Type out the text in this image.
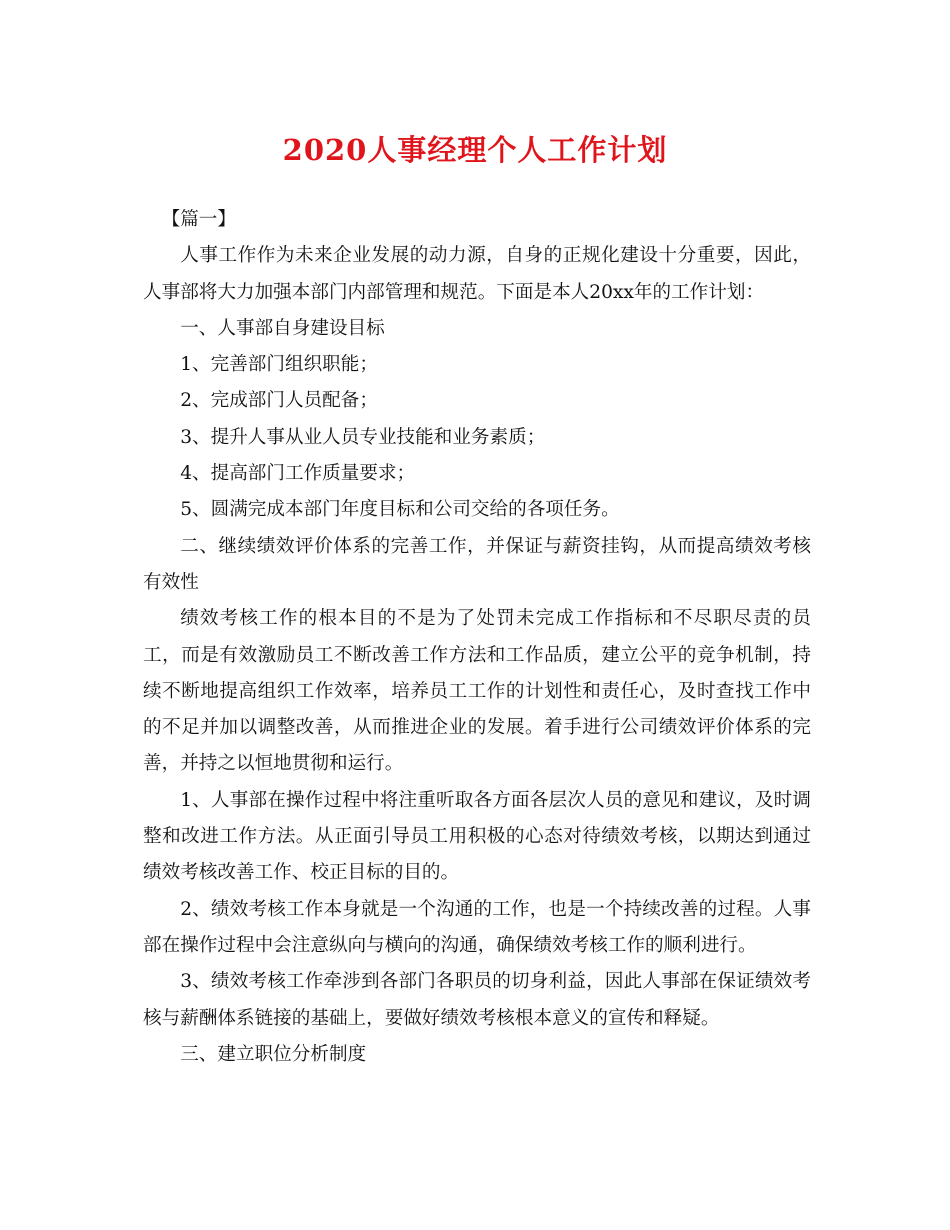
2020人事经理个人工作计划

【篇一】

人事工作作为未来企业发展的动力源，自身的正规化建设十分重要，因此，人事部将大力加强本部门内部管理和规范。下面是本人20xx年的工作计划：

一、人事部自身建设目标

1、完善部门组织职能；

2、完成部门人员配备；

3、提升人事从业人员专业技能和业务素质；

4、提高部门工作质量要求；

5、圆满完成本部门年度目标和公司交给的各项任务。

二、继续绩效评价体系的完善工作，并保证与薪资挂钩，从而提高绩效考核有效性

绩效考核工作的根本目的不是为了处罚未完成工作指标和不尽职尽责的员工，而是有效激励员工不断改善工作方法和工作品质，建立公平的竞争机制，持续不断地提高组织工作效率，培养员工工作的计划性和责任心，及时查找工作中的不足并加以调整改善，从而推进企业的发展。着手进行公司绩效评价体系的完善，并持之以恒地贯彻和运行。

1、人事部在操作过程中将注重听取各方面各层次人员的意见和建议，及时调整和改进工作方法。从正面引导员工用积极的心态对待绩效考核，以期达到通过绩效考核改善工作、校正目标的目的。

2、绩效考核工作本身就是一个沟通的工作，也是一个持续改善的过程。人事部在操作过程中会注意纵向与横向的沟通，确保绩效考核工作的顺利进行。

3、绩效考核工作牵涉到各部门各职员的切身利益，因此人事部在保证绩效考核与薪酬体系链接的基础上，要做好绩效考核根本意义的宣传和释疑。

三、建立职位分析制度
